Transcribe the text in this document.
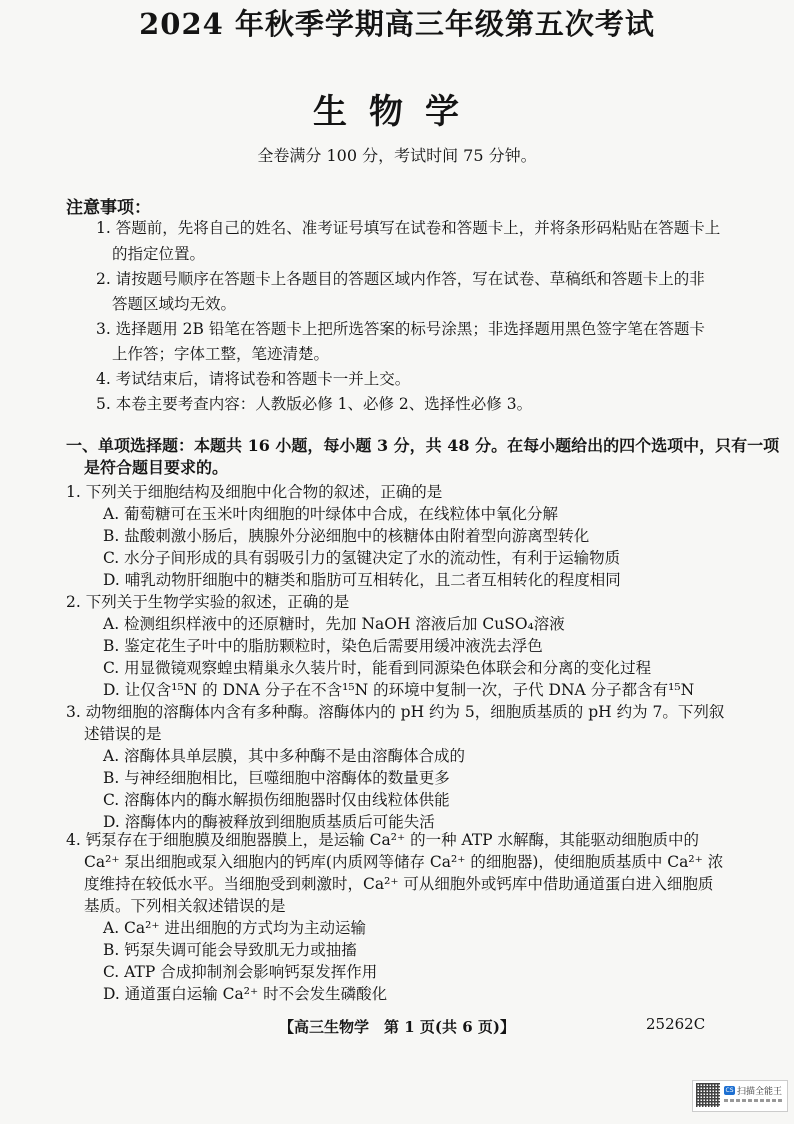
2024 年秋季学期高三年级第五次考试
生物学
全卷满分 100 分，考试时间 75 分钟。
注意事项：
1. 答题前，先将自己的姓名、准考证号填写在试卷和答题卡上，并将条形码粘贴在答题卡上
的指定位置。
2. 请按题号顺序在答题卡上各题目的答题区域内作答，写在试卷、草稿纸和答题卡上的非
答题区域均无效。
3. 选择题用 2B 铅笔在答题卡上把所选答案的标号涂黑；非选择题用黑色签字笔在答题卡
上作答；字体工整，笔迹清楚。
4. 考试结束后，请将试卷和答题卡一并上交。
5. 本卷主要考查内容：人教版必修 1、必修 2、选择性必修 3。
一、单项选择题：本题共 16 小题，每小题 3 分，共 48 分。在每小题给出的四个选项中，只有一项
是符合题目要求的。
1. 下列关于细胞结构及细胞中化合物的叙述，正确的是
A. 葡萄糖可在玉米叶肉细胞的叶绿体中合成，在线粒体中氧化分解
B. 盐酸刺激小肠后，胰腺外分泌细胞中的核糖体由附着型向游离型转化
C. 水分子间形成的具有弱吸引力的氢键决定了水的流动性，有利于运输物质
D. 哺乳动物肝细胞中的糖类和脂肪可互相转化，且二者互相转化的程度相同
2. 下列关于生物学实验的叙述，正确的是
A. 检测组织样液中的还原糖时，先加 NaOH 溶液后加 CuSO₄溶液
B. 鉴定花生子叶中的脂肪颗粒时，染色后需要用缓冲液洗去浮色
C. 用显微镜观察蝗虫精巢永久装片时，能看到同源染色体联会和分离的变化过程
D. 让仅含¹⁵N 的 DNA 分子在不含¹⁵N 的环境中复制一次，子代 DNA 分子都含有¹⁵N
3. 动物细胞的溶酶体内含有多种酶。溶酶体内的 pH 约为 5，细胞质基质的 pH 约为 7。下列叙
述错误的是
A. 溶酶体具单层膜，其中多种酶不是由溶酶体合成的
B. 与神经细胞相比，巨噬细胞中溶酶体的数量更多
C. 溶酶体内的酶水解损伤细胞器时仅由线粒体供能
D. 溶酶体内的酶被释放到细胞质基质后可能失活
4. 钙泵存在于细胞膜及细胞器膜上，是运输 Ca²⁺ 的一种 ATP 水解酶，其能驱动细胞质中的
Ca²⁺ 泵出细胞或泵入细胞内的钙库(内质网等储存 Ca²⁺ 的细胞器)，使细胞质基质中 Ca²⁺ 浓
度维持在较低水平。当细胞受到刺激时，Ca²⁺ 可从细胞外或钙库中借助通道蛋白进入细胞质
基质。下列相关叙述错误的是
A. Ca²⁺ 进出细胞的方式均为主动运输
B. 钙泵失调可能会导致肌无力或抽搐
C. ATP 合成抑制剂会影响钙泵发挥作用
D. 通道蛋白运输 Ca²⁺ 时不会发生磷酸化
【高三生物学　第 1 页(共 6 页)】	25262C
CS 扫描全能王
